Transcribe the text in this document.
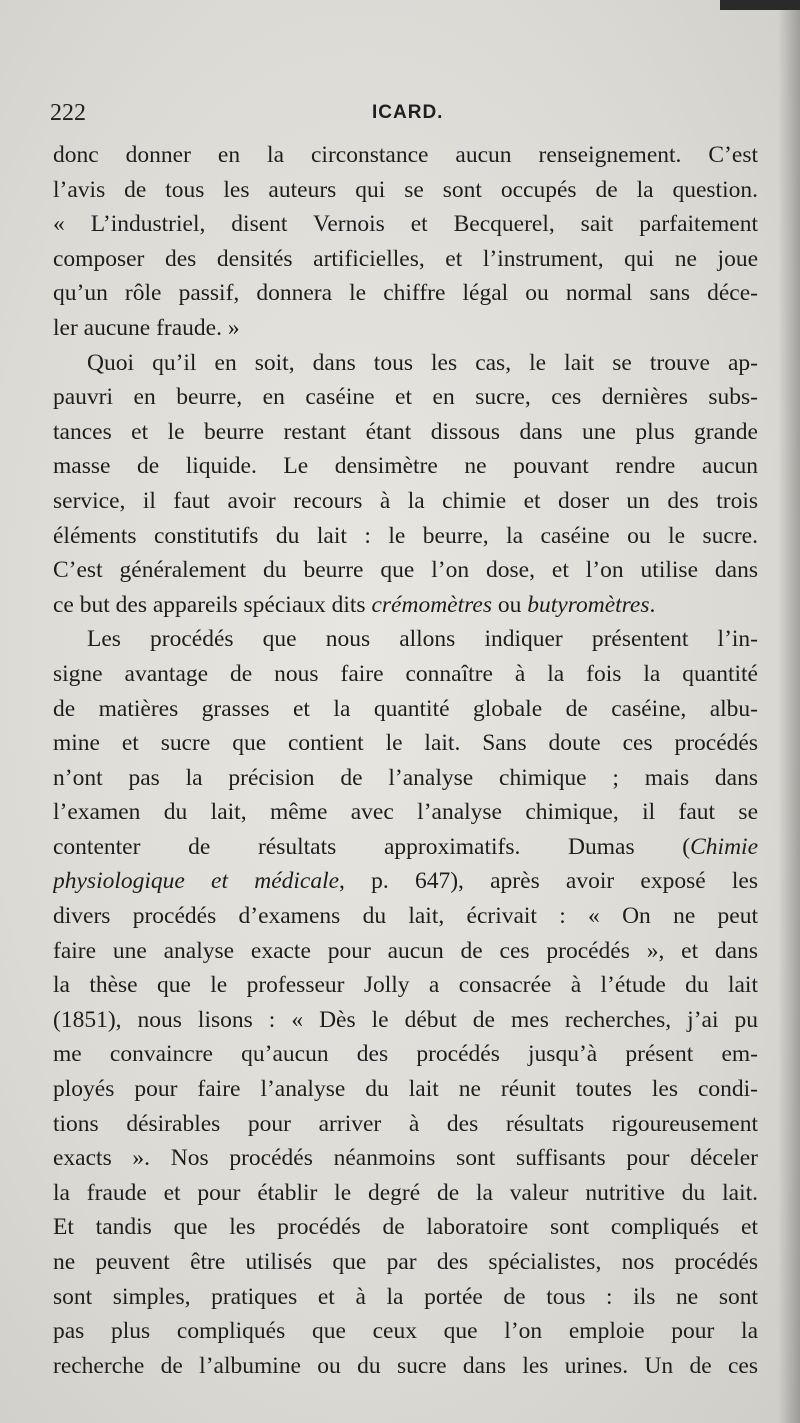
222	ICARD.
donc donner en la circonstance aucun renseignement. C’est
l’avis de tous les auteurs qui se sont occupés de la question.
« L’industriel, disent Vernois et Becquerel, sait parfaitement
composer des densités artificielles, et l’instrument, qui ne joue
qu’un rôle passif, donnera le chiffre légal ou normal sans déce-
ler aucune fraude. »
Quoi qu’il en soit, dans tous les cas, le lait se trouve ap-
pauvri en beurre, en caséine et en sucre, ces dernières subs-
tances et le beurre restant étant dissous dans une plus grande
masse de liquide. Le densimètre ne pouvant rendre aucun
service, il faut avoir recours à la chimie et doser un des trois
éléments constitutifs du lait : le beurre, la caséine ou le sucre.
C’est généralement du beurre que l’on dose, et l’on utilise dans
ce but des appareils spéciaux dits crémomètres ou butyromètres.
Les procédés que nous allons indiquer présentent l’in-
signe avantage de nous faire connaître à la fois la quantité
de matières grasses et la quantité globale de caséine, albu-
mine et sucre que contient le lait. Sans doute ces procédés
n’ont pas la précision de l’analyse chimique ; mais dans
l’examen du lait, même avec l’analyse chimique, il faut se
contenter de résultats approximatifs. Dumas (Chimie
physiologique et médicale, p. 647), après avoir exposé les
divers procédés d’examens du lait, écrivait : « On ne peut
faire une analyse exacte pour aucun de ces procédés », et dans
la thèse que le professeur Jolly a consacrée à l’étude du lait
(1851), nous lisons : « Dès le début de mes recherches, j’ai pu
me convaincre qu’aucun des procédés jusqu’à présent em-
ployés pour faire l’analyse du lait ne réunit toutes les condi-
tions désirables pour arriver à des résultats rigoureusement
exacts ». Nos procédés néanmoins sont suffisants pour déceler
la fraude et pour établir le degré de la valeur nutritive du lait.
Et tandis que les procédés de laboratoire sont compliqués et
ne peuvent être utilisés que par des spécialistes, nos procédés
sont simples, pratiques et à la portée de tous : ils ne sont
pas plus compliqués que ceux que l’on emploie pour la
recherche de l’albumine ou du sucre dans les urines. Un de ces
